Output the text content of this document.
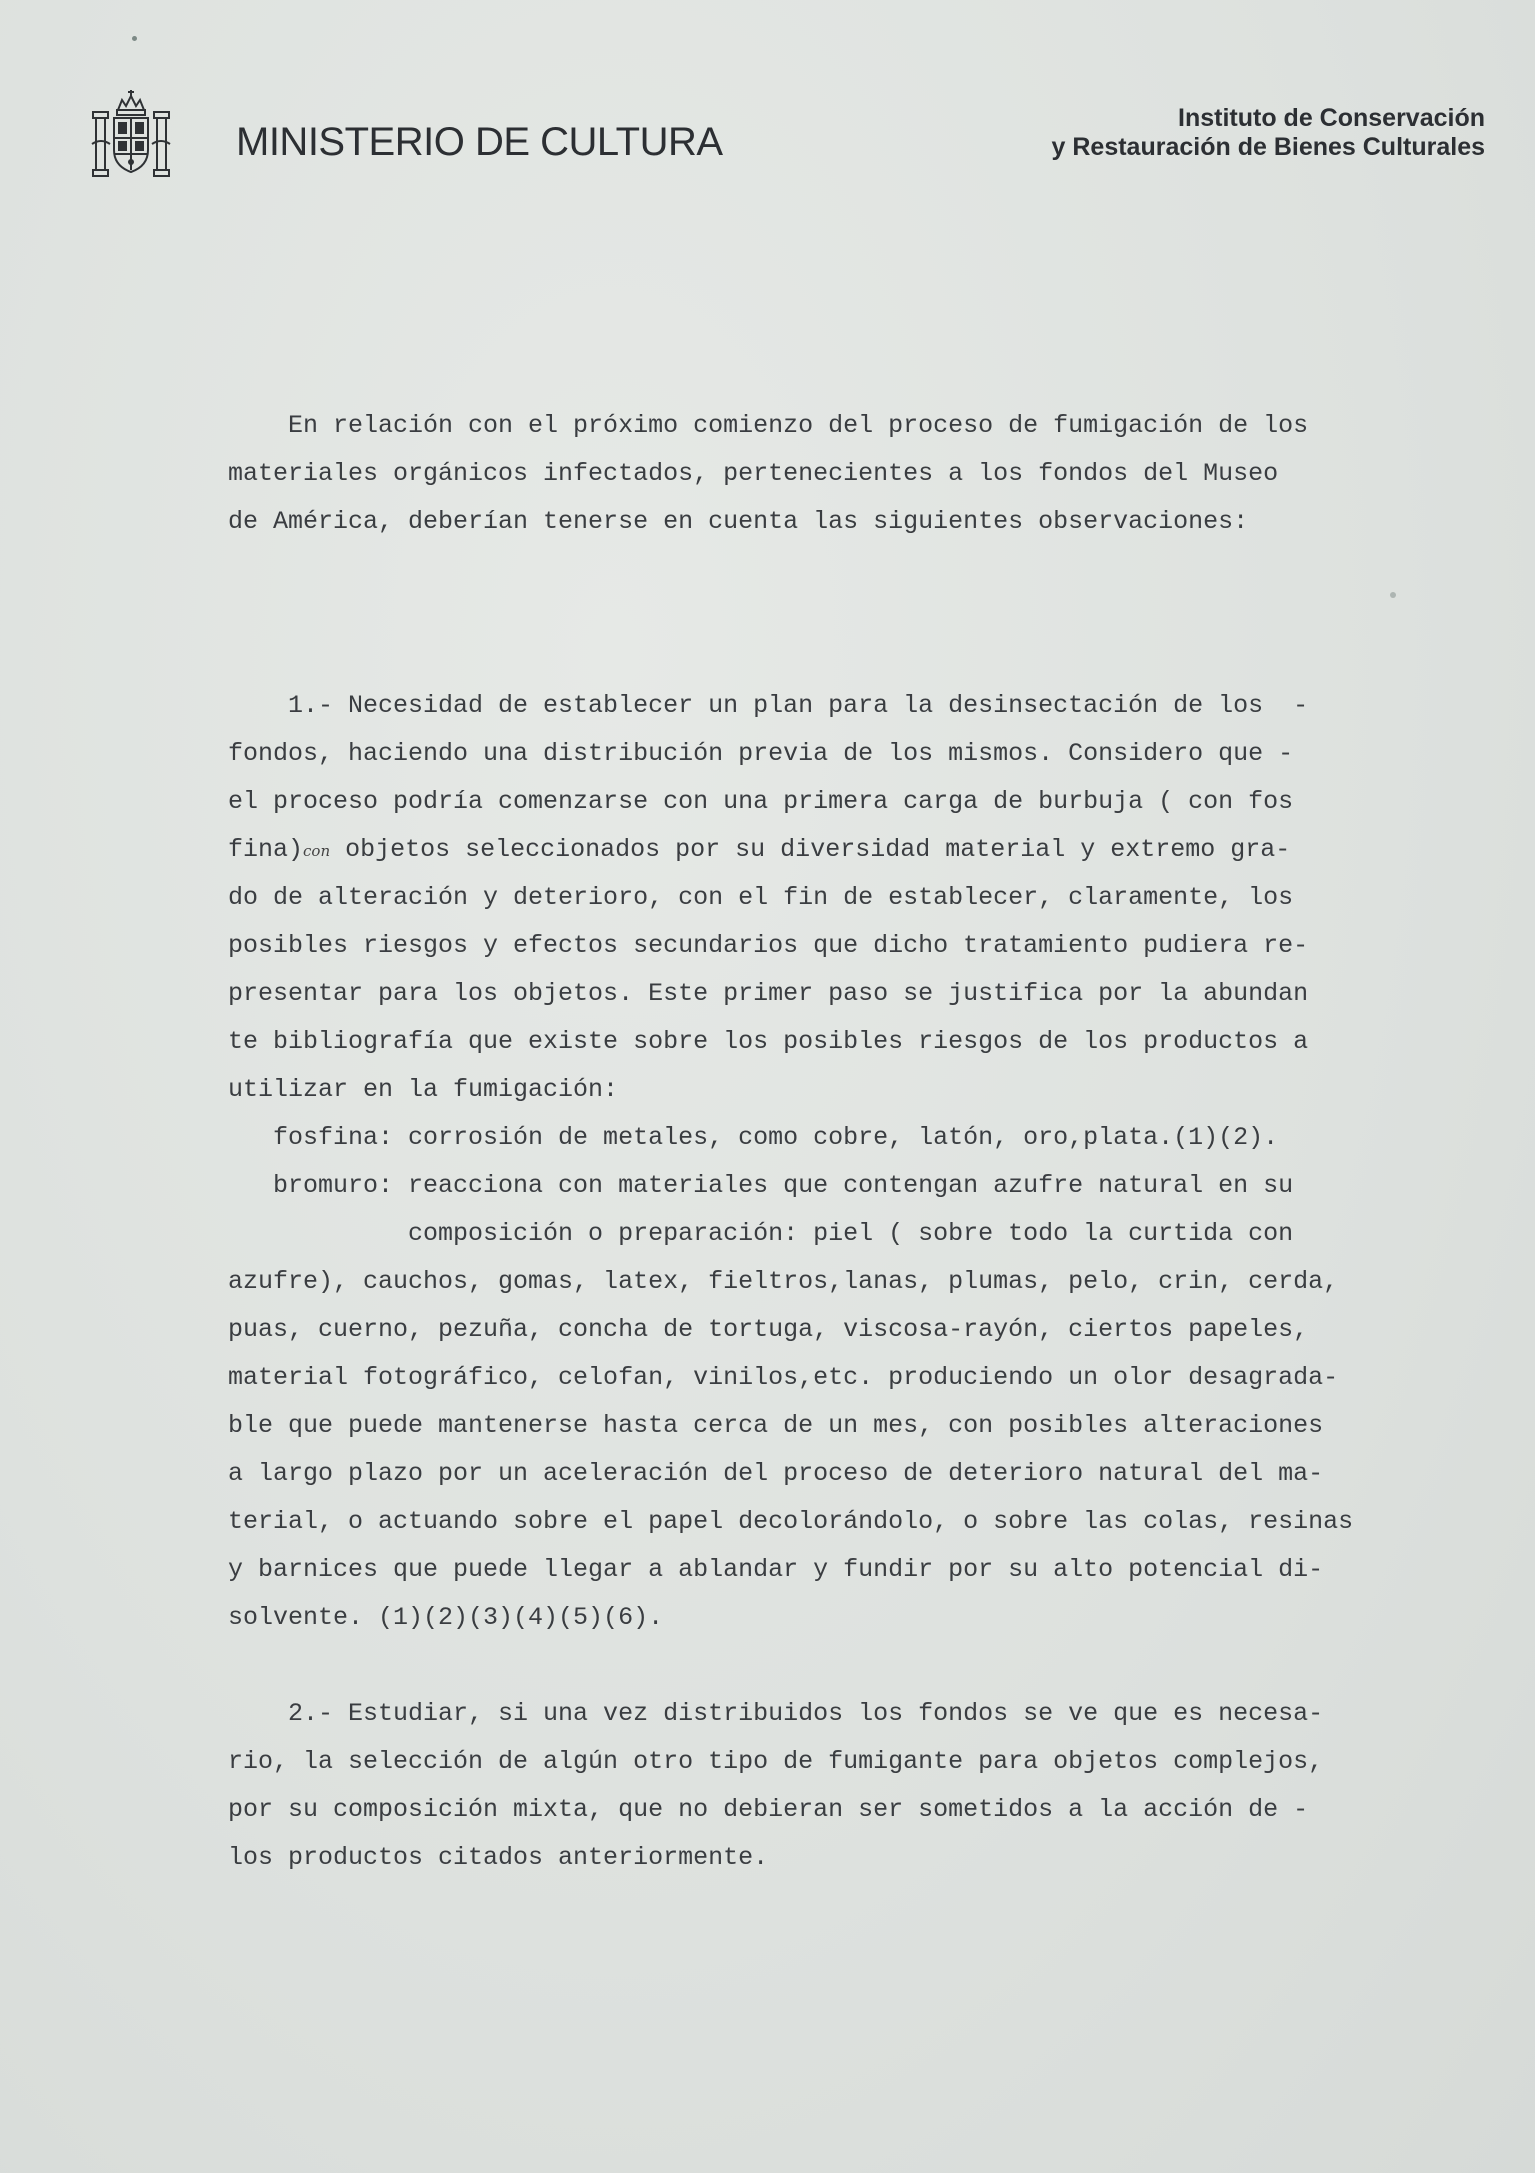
MINISTERIO DE CULTURA
Instituto de Conservación
y Restauración de Bienes Culturales
En relación con el próximo comienzo del proceso de fumigación de los
materiales orgánicos infectados, pertenecientes a los fondos del Museo
de América, deberían tenerse en cuenta las siguientes observaciones:
1.- Necesidad de establecer un plan para la desinsectación de los  -
fondos, haciendo una distribución previa de los mismos. Considero que -
el proceso podría comenzarse con una primera carga de burbuja ( con fos
fina)con objetos seleccionados por su diversidad material y extremo gra-
do de alteración y deterioro, con el fin de establecer, claramente, los
posibles riesgos y efectos secundarios que dicho tratamiento pudiera re-
presentar para los objetos. Este primer paso se justifica por la abundan
te bibliografía que existe sobre los posibles riesgos de los productos a
utilizar en la fumigación:
fosfina: corrosión de metales, como cobre, latón, oro,plata.(1)(2).
bromuro: reacciona con materiales que contengan azufre natural en su
composición o preparación: piel ( sobre todo la curtida con
azufre), cauchos, gomas, latex, fieltros,lanas, plumas, pelo, crin, cerda,
puas, cuerno, pezuña, concha de tortuga, viscosa-rayón, ciertos papeles,
material fotográfico, celofan, vinilos,etc. produciendo un olor desagrada-
ble que puede mantenerse hasta cerca de un mes, con posibles alteraciones
a largo plazo por un aceleración del proceso de deterioro natural del ma-
terial, o actuando sobre el papel decolorándolo, o sobre las colas, resinas
y barnices que puede llegar a ablandar y fundir por su alto potencial di-
solvente. (1)(2)(3)(4)(5)(6).
2.- Estudiar, si una vez distribuidos los fondos se ve que es necesa-
rio, la selección de algún otro tipo de fumigante para objetos complejos,
por su composición mixta, que no debieran ser sometidos a la acción de -
los productos citados anteriormente.
